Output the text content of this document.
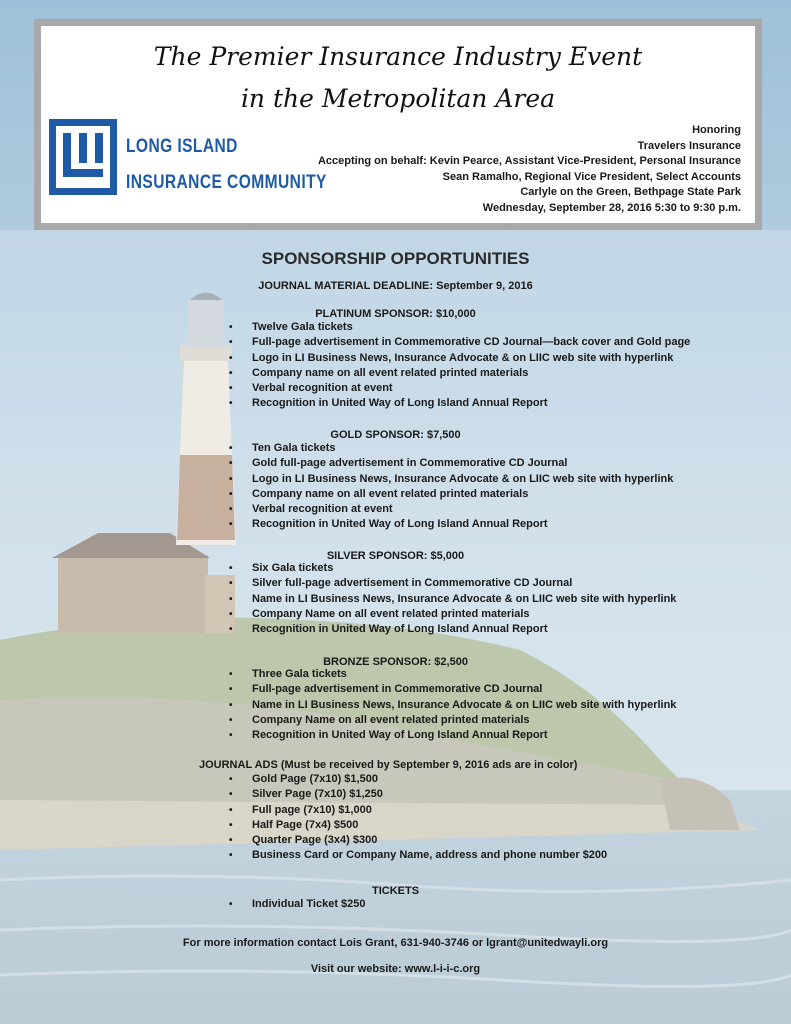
The Premier Insurance Industry Event
in the Metropolitan Area
LONG ISLAND
INSURANCE COMMUNITY
Honoring
Travelers Insurance
Accepting on behalf: Kevin Pearce, Assistant Vice-President, Personal Insurance
Sean Ramalho, Regional Vice President, Select Accounts
Carlyle on the Green, Bethpage State Park
Wednesday, September 28, 2016 5:30 to 9:30 p.m.
SPONSORSHIP OPPORTUNITIES
JOURNAL MATERIAL DEADLINE: September 9, 2016
PLATINUM SPONSOR: $10,000
• Twelve Gala tickets
• Full-page advertisement in Commemorative CD Journal—back cover and Gold page
• Logo in LI Business News, Insurance Advocate & on LIIC web site with hyperlink
• Company name on all event related printed materials
• Verbal recognition at event
• Recognition in United Way of Long Island Annual Report
GOLD SPONSOR: $7,500
• Ten Gala tickets
• Gold full-page advertisement in Commemorative CD Journal
• Logo in LI Business News, Insurance Advocate & on LIIC web site with hyperlink
• Company name on all event related printed materials
• Verbal recognition at event
• Recognition in United Way of Long Island Annual Report
SILVER SPONSOR: $5,000
• Six Gala tickets
• Silver full-page advertisement in Commemorative CD Journal
• Name in LI Business News, Insurance Advocate & on LIIC web site with hyperlink
• Company Name on all event related printed materials
• Recognition in United Way of Long Island Annual Report
BRONZE SPONSOR: $2,500
• Three Gala tickets
• Full-page advertisement in Commemorative CD Journal
• Name in LI Business News, Insurance Advocate & on LIIC web site with hyperlink
• Company Name on all event related printed materials
• Recognition in United Way of Long Island Annual Report
JOURNAL ADS (Must be received by September 9, 2016 ads are in color)
• Gold Page (7x10) $1,500
• Silver Page (7x10) $1,250
• Full page (7x10) $1,000
• Half Page (7x4) $500
• Quarter Page (3x4) $300
• Business Card or Company Name, address and phone number $200
TICKETS
• Individual Ticket $250
For more information contact Lois Grant, 631-940-3746 or lgrant@unitedwayli.org
Visit our website: www.l-i-i-c.org
